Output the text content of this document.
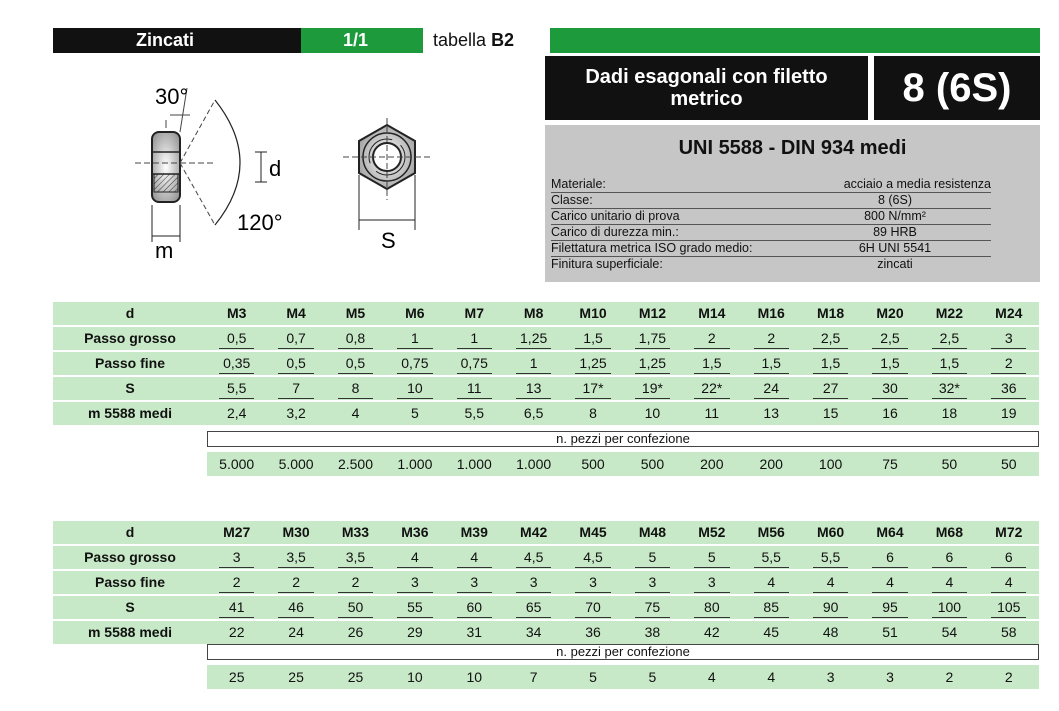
Zincati	1/1	tabella B2
Dadi esagonali con filetto metrico	8 (6S)
UNI 5588 - DIN 934 medi
Materiale:	acciaio a media resistenza
Classe:	8 (6S)
Carico unitario di prova	800 N/mm²
Carico di durezza min.:	89 HRB
Filettatura metrica ISO grado medio:	6H UNI 5541
Finitura superficiale:	zincati
30°
120°
d
m	S
d	M3	M4	M5	M6	M7	M8	M10	M12	M14	M16	M18	M20	M22	M24
Passo grosso	0,5	0,7	0,8	1	1	1,25	1,5	1,75	2	2	2,5	2,5	2,5	3
Passo fine	0,35	0,5	0,5	0,75	0,75	1	1,25	1,25	1,5	1,5	1,5	1,5	1,5	2
S	5,5	7	8	10	11	13	17*	19*	22*	24	27	30	32*	36
m 5588 medi	2,4	3,2	4	5	5,5	6,5	8	10	11	13	15	16	18	19
n. pezzi per confezione
5.000	5.000	2.500	1.000	1.000	1.000	500	500	200	200	100	75	50	50
d	M27	M30	M33	M36	M39	M42	M45	M48	M52	M56	M60	M64	M68	M72
Passo grosso	3	3,5	3,5	4	4	4,5	4,5	5	5	5,5	5,5	6	6	6
Passo fine	2	2	2	3	3	3	3	3	3	4	4	4	4	4
S	41	46	50	55	60	65	70	75	80	85	90	95	100	105
m 5588 medi	22	24	26	29	31	34	36	38	42	45	48	51	54	58
n. pezzi per confezione
25	25	25	10	10	7	5	5	4	4	3	3	2	2
